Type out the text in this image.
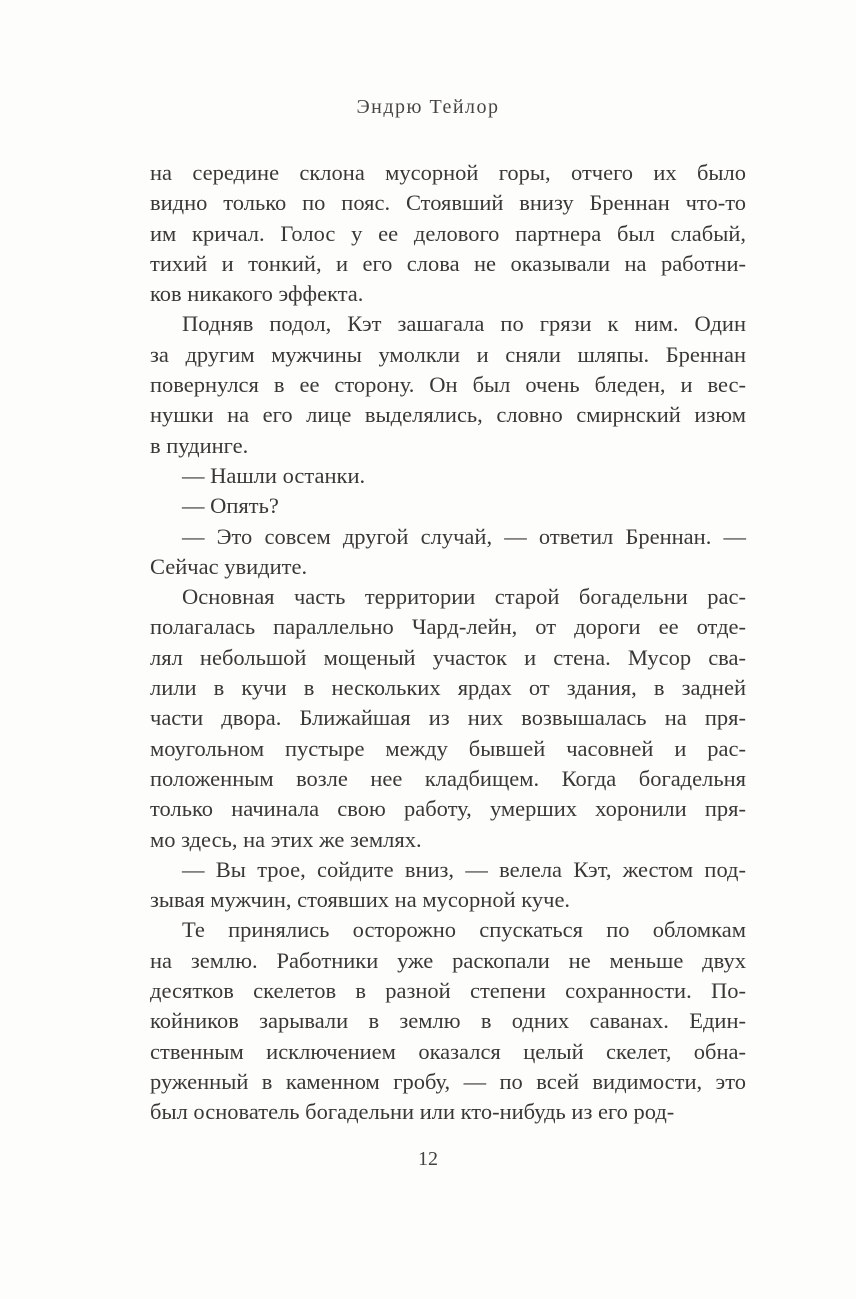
Эндрю Тейлор
на середине склона мусорной горы, отчего их было
видно только по пояс. Стоявший внизу Бреннан что-то
им кричал. Голос у ее делового партнера был слабый,
тихий и тонкий, и его слова не оказывали на работни-
ков никакого эффекта.
Подняв подол, Кэт зашагала по грязи к ним. Один
за другим мужчины умолкли и сняли шляпы. Бреннан
повернулся в ее сторону. Он был очень бледен, и вес-
нушки на его лице выделялись, словно смирнский изюм
в пудинге.
— Нашли останки.
— Опять?
— Это совсем другой случай, — ответил Бреннан. —
Сейчас увидите.
Основная часть территории старой богадельни рас-
полагалась параллельно Чард-лейн, от дороги ее отде-
лял небольшой мощеный участок и стена. Мусор сва-
лили в кучи в нескольких ярдах от здания, в задней
части двора. Ближайшая из них возвышалась на пря-
моугольном пустыре между бывшей часовней и рас-
положенным возле нее кладбищем. Когда богадельня
только начинала свою работу, умерших хоронили пря-
мо здесь, на этих же землях.
— Вы трое, сойдите вниз, — велела Кэт, жестом под-
зывая мужчин, стоявших на мусорной куче.
Те принялись осторожно спускаться по обломкам
на землю. Работники уже раскопали не меньше двух
десятков скелетов в разной степени сохранности. По-
койников зарывали в землю в одних саванах. Един-
ственным исключением оказался целый скелет, обна-
руженный в каменном гробу, — по всей видимости, это
был основатель богадельни или кто-нибудь из его род-
12
